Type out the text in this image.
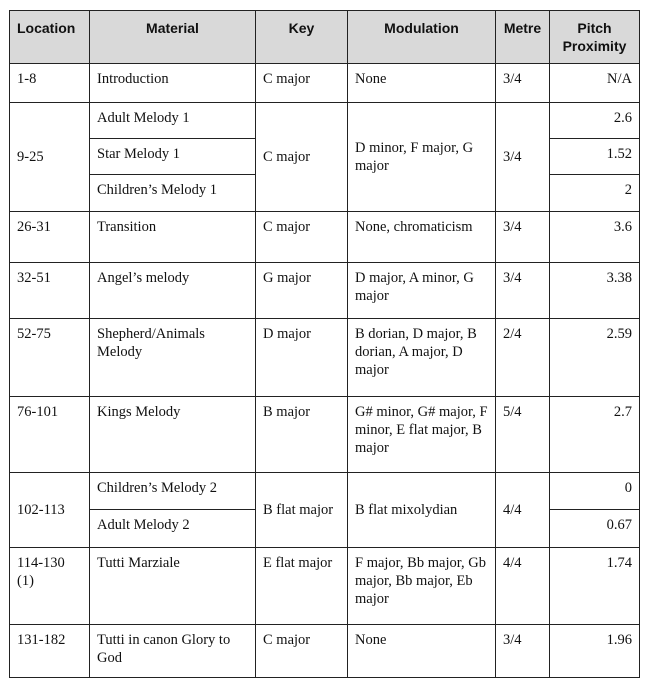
Location	Material	Key	Modulation	Metre	Pitch Proximity
1-8	Introduction	C major	None	3/4	N/A
9-25	Adult Melody 1	C major	D minor, F major, G major	3/4	2.6
	Star Melody 1				1.52
	Children’s Melody 1				2
26-31	Transition	C major	None, chromaticism	3/4	3.6
32-51	Angel’s melody	G major	D major, A minor, G major	3/4	3.38
52-75	Shepherd/Animals Melody	D major	B dorian, D major, B dorian, A major, D major	2/4	2.59
76-101	Kings Melody	B major	G# minor, G# major, F minor, E flat major, B major	5/4	2.7
102-113	Children’s Melody 2	B flat major	B flat mixolydian	4/4	0
	Adult Melody 2				0.67
114-130 (1)	Tutti Marziale	E flat major	F major, Bb major, Gb major, Bb major, Eb major	4/4	1.74
131-182	Tutti in canon Glory to God	C major	None	3/4	1.96
